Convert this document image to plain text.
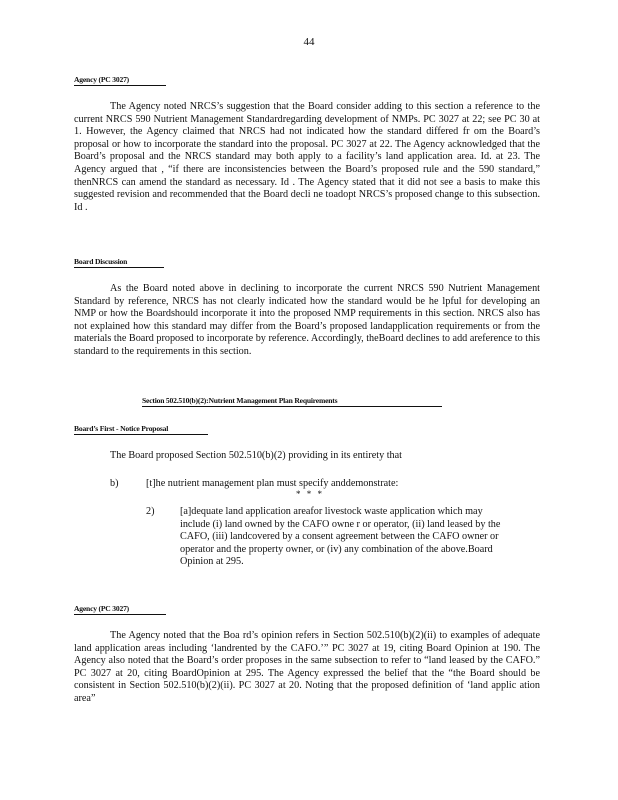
44
Agency (PC 3027)
The Agency noted NRCS’s suggestion that the Board consider adding to this section a reference to the current NRCS 590 Nutrient Management Standardregarding development of NMPs. PC 3027 at 22; see PC 30 at 1. However, the Agency claimed that NRCS had not indicated how the standard differed fr om the Board’s proposal or how to incorporate the standard into the proposal. PC 3027 at 22. The Agency acknowledged that the Board’s proposal and the NRCS standard may both apply to a facility’s land application area. Id. at 23. The Agency argued that , “if there are inconsistencies between the Board’s proposed rule and the 590 standard,” thenNRCS can amend the standard as necessary. Id . The Agency stated that it did not see a basis to make this suggested revision and recommended that the Board decli ne toadopt NRCS’s proposed change to this subsection. Id .
Board Discussion
As the Board noted above in declining to incorporate the current NRCS 590 Nutrient Management Standard by reference, NRCS has not clearly indicated how the standard would be he lpful for developing an NMP or how the Boardshould incorporate it into the proposed NMP requirements in this section. NRCS also has not explained how this standard may differ from the Board’s proposed landapplication requirements or from the materials the Board proposed to incorporate by reference. Accordingly, theBoard declines to add areference to this standard to the requirements in this section.
Section 502.510(b)(2):Nutrient Management Plan Requirements
Board’s First - Notice Proposal
The Board proposed Section 502.510(b)(2) providing in its entirety that
b)	[t]he nutrient management plan must specify anddemonstrate:
* * *
2)	[a]dequate land application areafor livestock waste application which may include (i) land owned by the CAFO owne r or operator, (ii) land leased by the CAFO, (iii) landcovered by a consent agreement between the CAFO owner or operator and the property owner, or (iv) any combination of the above.Board Opinion at 295.
Agency (PC 3027)
The Agency noted that the Boa rd’s opinion refers in Section 502.510(b)(2)(ii) to examples of adequate land application areas including ‘landrented by the CAFO.’” PC 3027 at 19, citing Board Opinion at 190. The Agency also noted that the Board’s order proposes in the same subsection to refer to “land leased by the CAFO.” PC 3027 at 20, citing BoardOpinion at 295. The Agency expressed the belief that the “the Board should be consistent in Section 502.510(b)(2)(ii). PC 3027 at 20. Noting that the proposed definition of ‘land applic ation area”
